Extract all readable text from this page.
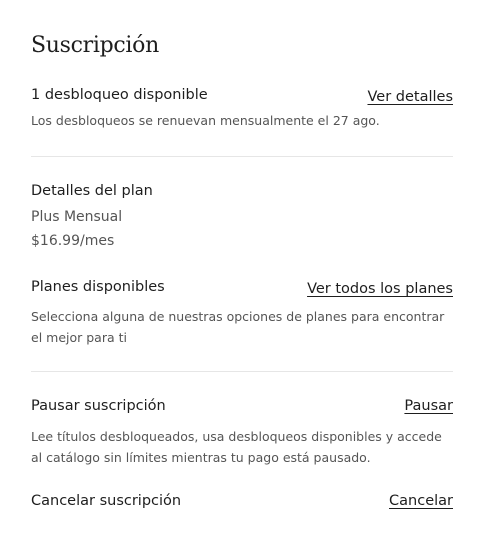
Suscripción
1 desbloqueo disponible	Ver detalles
Los desbloqueos se renuevan mensualmente el 27 ago.
Detalles del plan
Plus Mensual
$16.99/mes
Planes disponibles	Ver todos los planes
Selecciona alguna de nuestras opciones de planes para encontrar el mejor para ti
Pausar suscripción	Pausar
Lee títulos desbloqueados, usa desbloqueos disponibles y accede al catálogo sin límites mientras tu pago está pausado.
Cancelar suscripción	Cancelar
